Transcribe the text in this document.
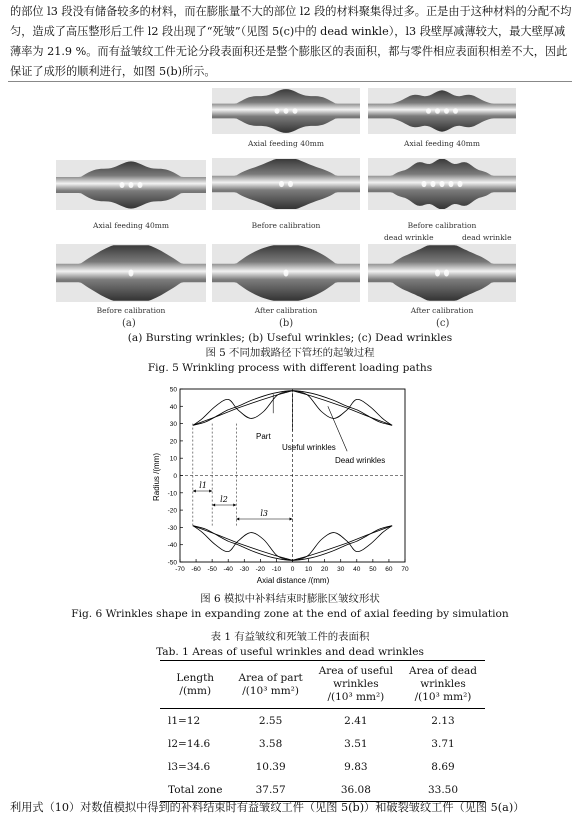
的部位 l3 段没有储备较多的材料，而在膨胀量不大的部位 l2 段的材料聚集得过多。正是由于这种材料的分配不均匀，造成了高压整形后工件 l2 段出现了“死皱”（见图 5(c)中的 dead winkle），l3 段壁厚减薄较大，最大壁厚减薄率为 21.9 %。而有益皱纹工件无论分段表面积还是整个膨胀区的表面积，都与零件相应表面积相差不大，因此保证了成形的顺利进行，如图 5(b)所示。

Axial feeding 40mm	Axial feeding 40mm
Axial feeding 40mm	Before calibration	Before calibration
Before calibration	After calibration	After calibration
dead wrinkle	dead wrinkle
(a)	(b)	(c)
(a) Bursting wrinkles; (b) Useful wrinkles; (c) Dead wrinkles
图 5 不同加载路径下管坯的起皱过程
Fig. 5 Wrinkling process with different loading paths
-50
-40
-30
-20
-10
0
10
20
30
40
50
-70 -60 -50 -40 -30 -20 -10 0 10 20 30 40 50 60 70
Radius /(mm)
Axial distance /(mm)
Part
Useful wrinkles
Dead wrinkles
l1
l2
l3
图 6 模拟中补料结束时膨胀区皱纹形状
Fig. 6 Wrinkles shape in expanding zone at the end of axial feeding by simulation
表 1 有益皱纹和死皱工件的表面积
Tab. 1 Areas of useful wrinkles and dead wrinkles
Length
/(mm)	Area of part
/(10³ mm²)	Area of useful
wrinkles
/(10³ mm²)	Area of dead
wrinkles
/(10³ mm²)
l1=12	2.55	2.41	2.13
l2=14.6	3.58	3.51	3.71
l3=34.6	10.39	9.83	8.69
Total zone	37.57	36.08	33.50

利用式（10）对数值模拟中得到的补料结束时有益皱纹工件（见图 5(b)）和破裂皱纹工件（见图 5(a)）
